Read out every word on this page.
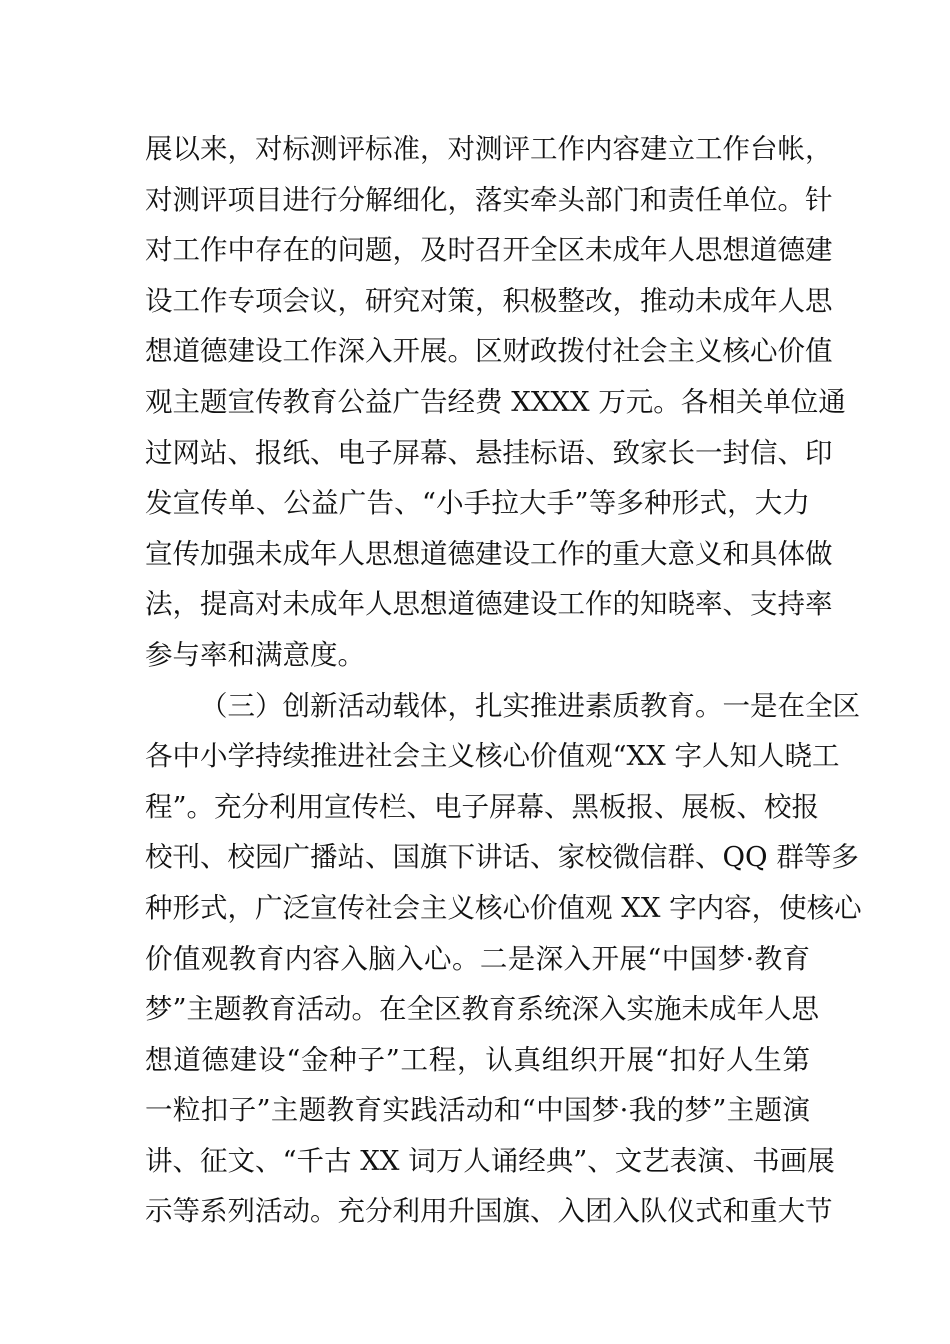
展以来，对标测评标准，对测评工作内容建立工作台帐，
对测评项目进行分解细化，落实牵头部门和责任单位。针
对工作中存在的问题，及时召开全区未成年人思想道德建
设工作专项会议，研究对策，积极整改，推动未成年人思
想道德建设工作深入开展。区财政拨付社会主义核心价值
观主题宣传教育公益广告经费 XXXX 万元。各相关单位通
过网站、报纸、电子屏幕、悬挂标语、致家长一封信、印
发宣传单、公益广告、“小手拉大手”等多种形式，大力
宣传加强未成年人思想道德建设工作的重大意义和具体做
法，提高对未成年人思想道德建设工作的知晓率、支持率
参与率和满意度。
（三）创新活动载体，扎实推进素质教育。一是在全区
各中小学持续推进社会主义核心价值观“XX 字人知人晓工
程”。充分利用宣传栏、电子屏幕、黑板报、展板、校报
校刊、校园广播站、国旗下讲话、家校微信群、QQ 群等多
种形式，广泛宣传社会主义核心价值观 XX 字内容，使核心
价值观教育内容入脑入心。二是深入开展“中国梦·教育
梦”主题教育活动。在全区教育系统深入实施未成年人思
想道德建设“金种子”工程，认真组织开展“扣好人生第
一粒扣子”主题教育实践活动和“中国梦·我的梦”主题演
讲、征文、“千古 XX 词万人诵经典”、文艺表演、书画展
示等系列活动。充分利用升国旗、入团入队仪式和重大节
